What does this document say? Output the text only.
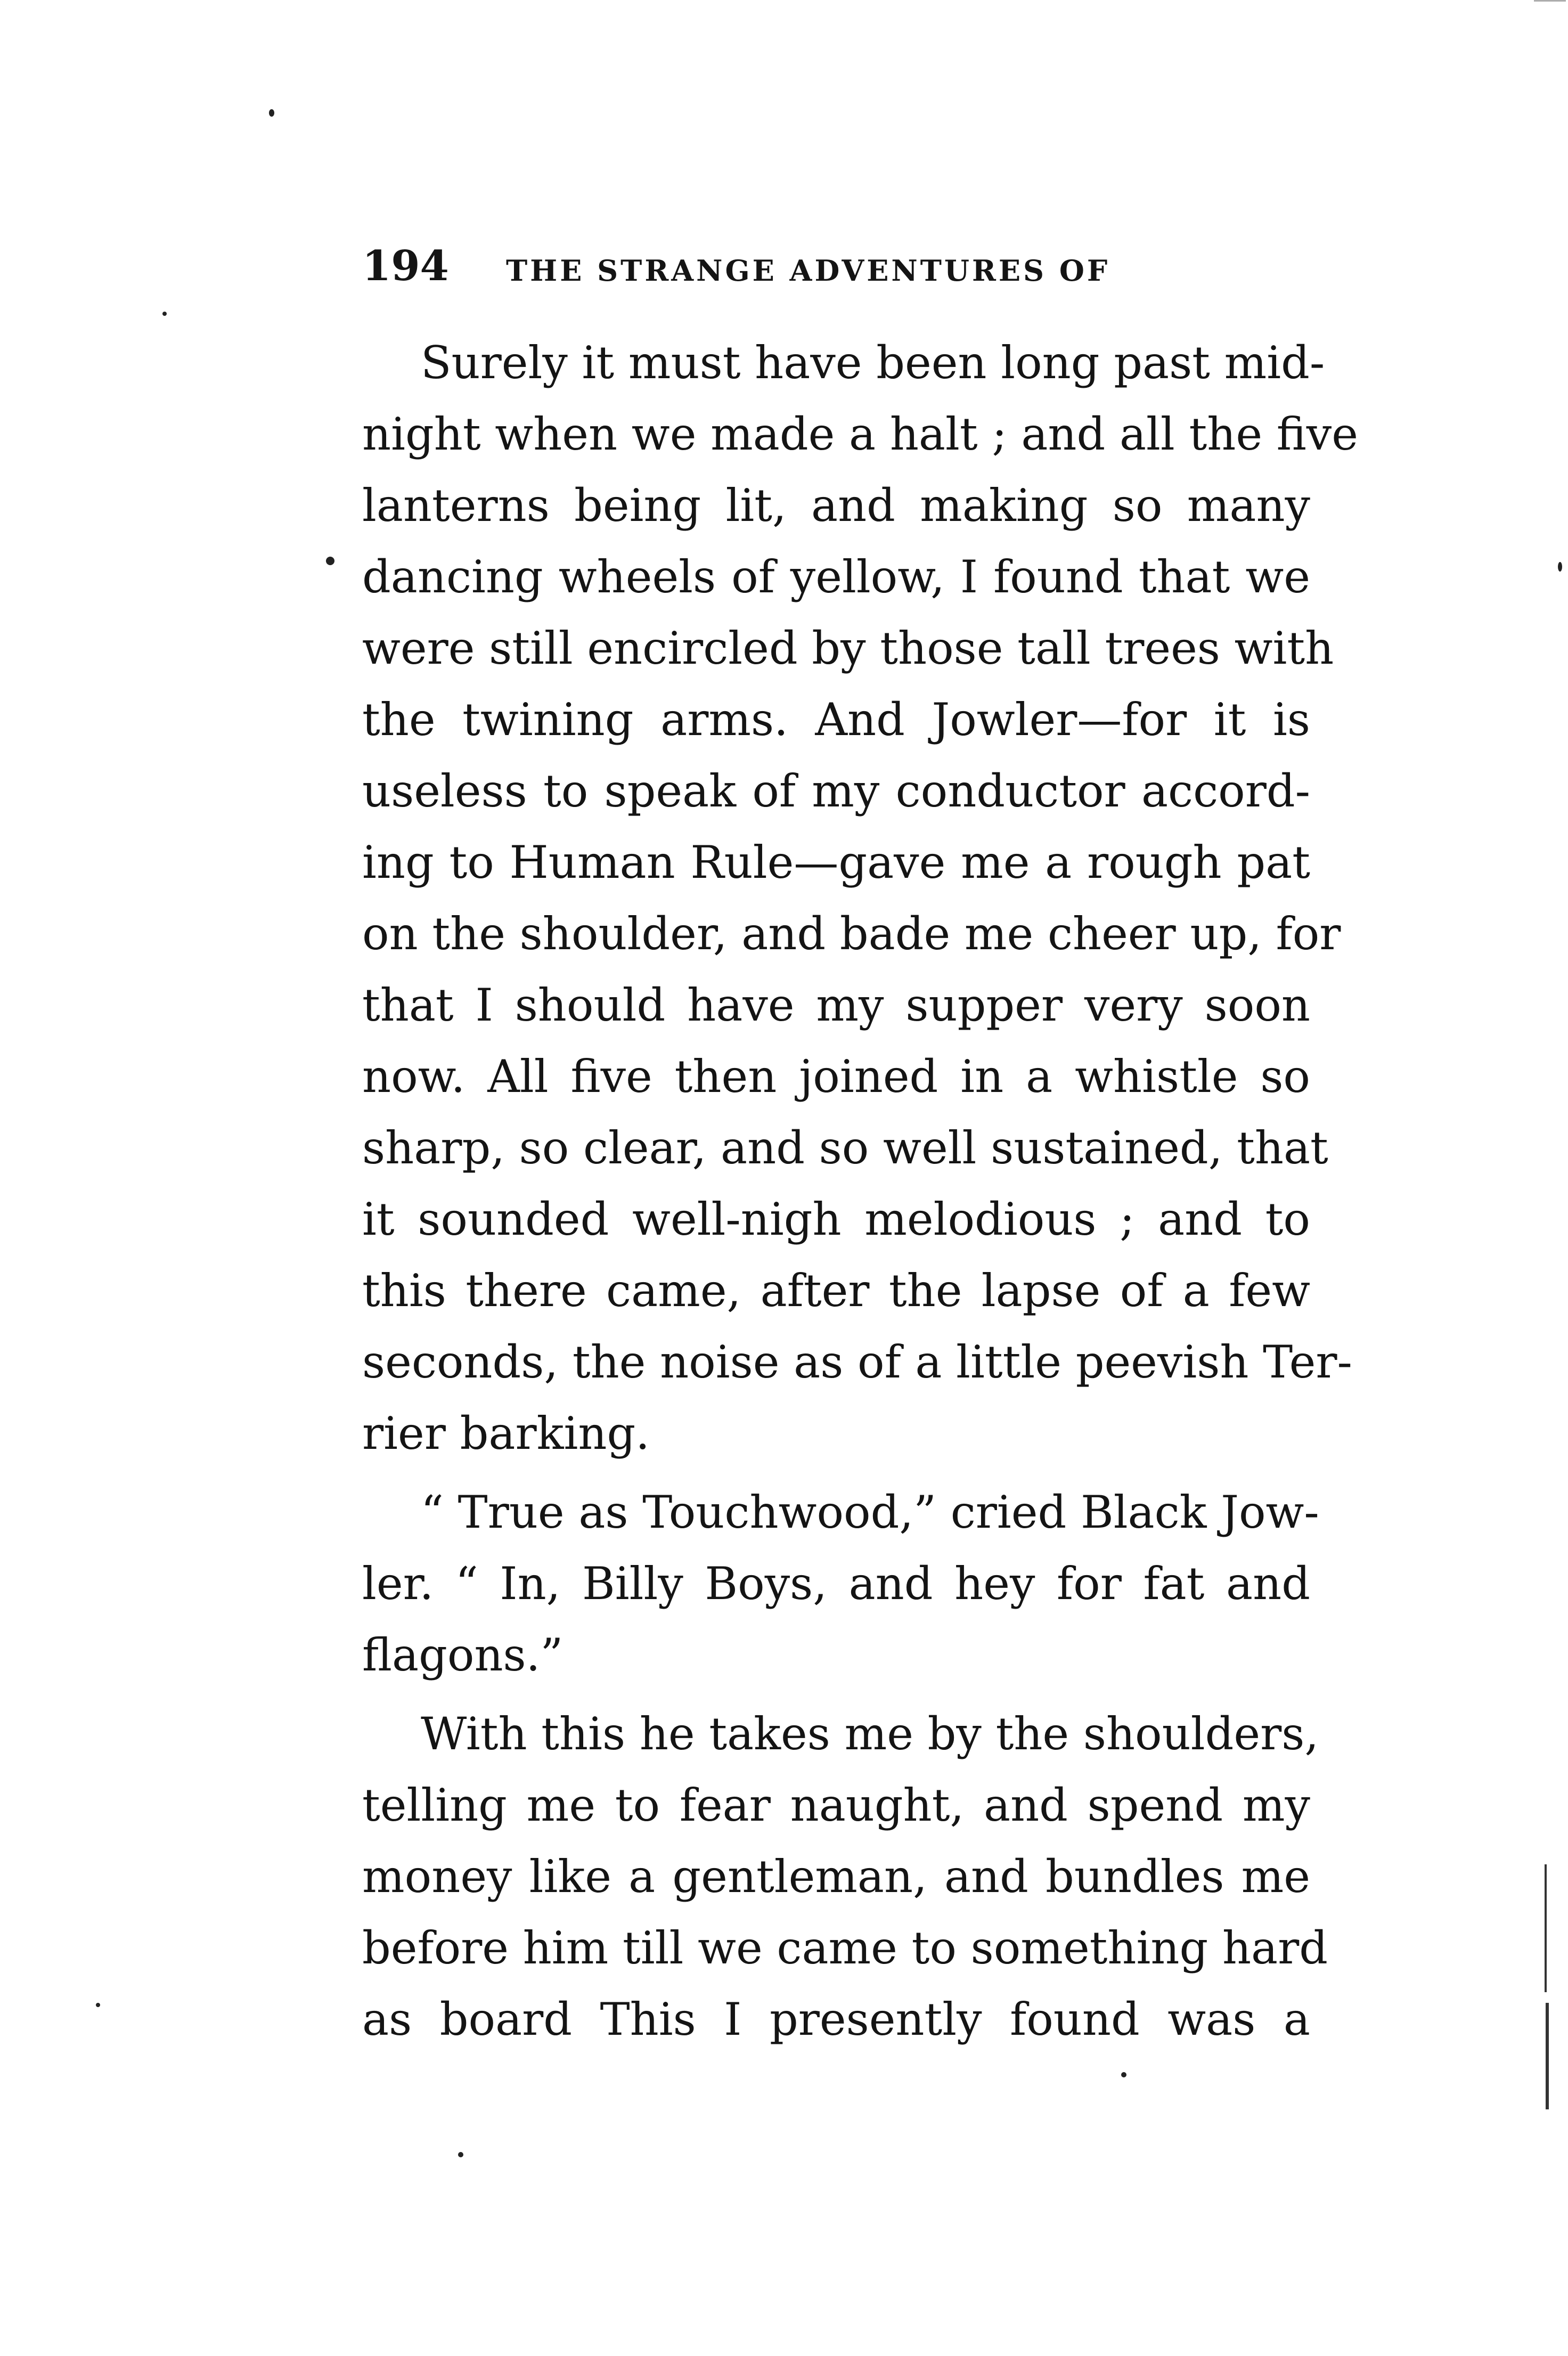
194 THE STRANGE ADVENTURES OF
Surely it must have been long past mid-
night when we made a halt ; and all the five
lanterns being lit, and making so many
dancing wheels of yellow, I found that we
were still encircled by those tall trees with
the twining arms. And Jowler—for it is
useless to speak of my conductor accord-
ing to Human Rule—gave me a rough pat
on the shoulder, and bade me cheer up, for
that I should have my supper very soon
now. All five then joined in a whistle so
sharp, so clear, and so well sustained, that
it sounded well-nigh melodious ; and to
this there came, after the lapse of a few
seconds, the noise as of a little peevish Ter-
rier barking.
“ True as Touchwood,” cried Black Jow-
ler. “ In, Billy Boys, and hey for fat and
flagons.”
With this he takes me by the shoulders,
telling me to fear naught, and spend my
money like a gentleman, and bundles me
before him till we came to something hard
as board This I presently found was a
